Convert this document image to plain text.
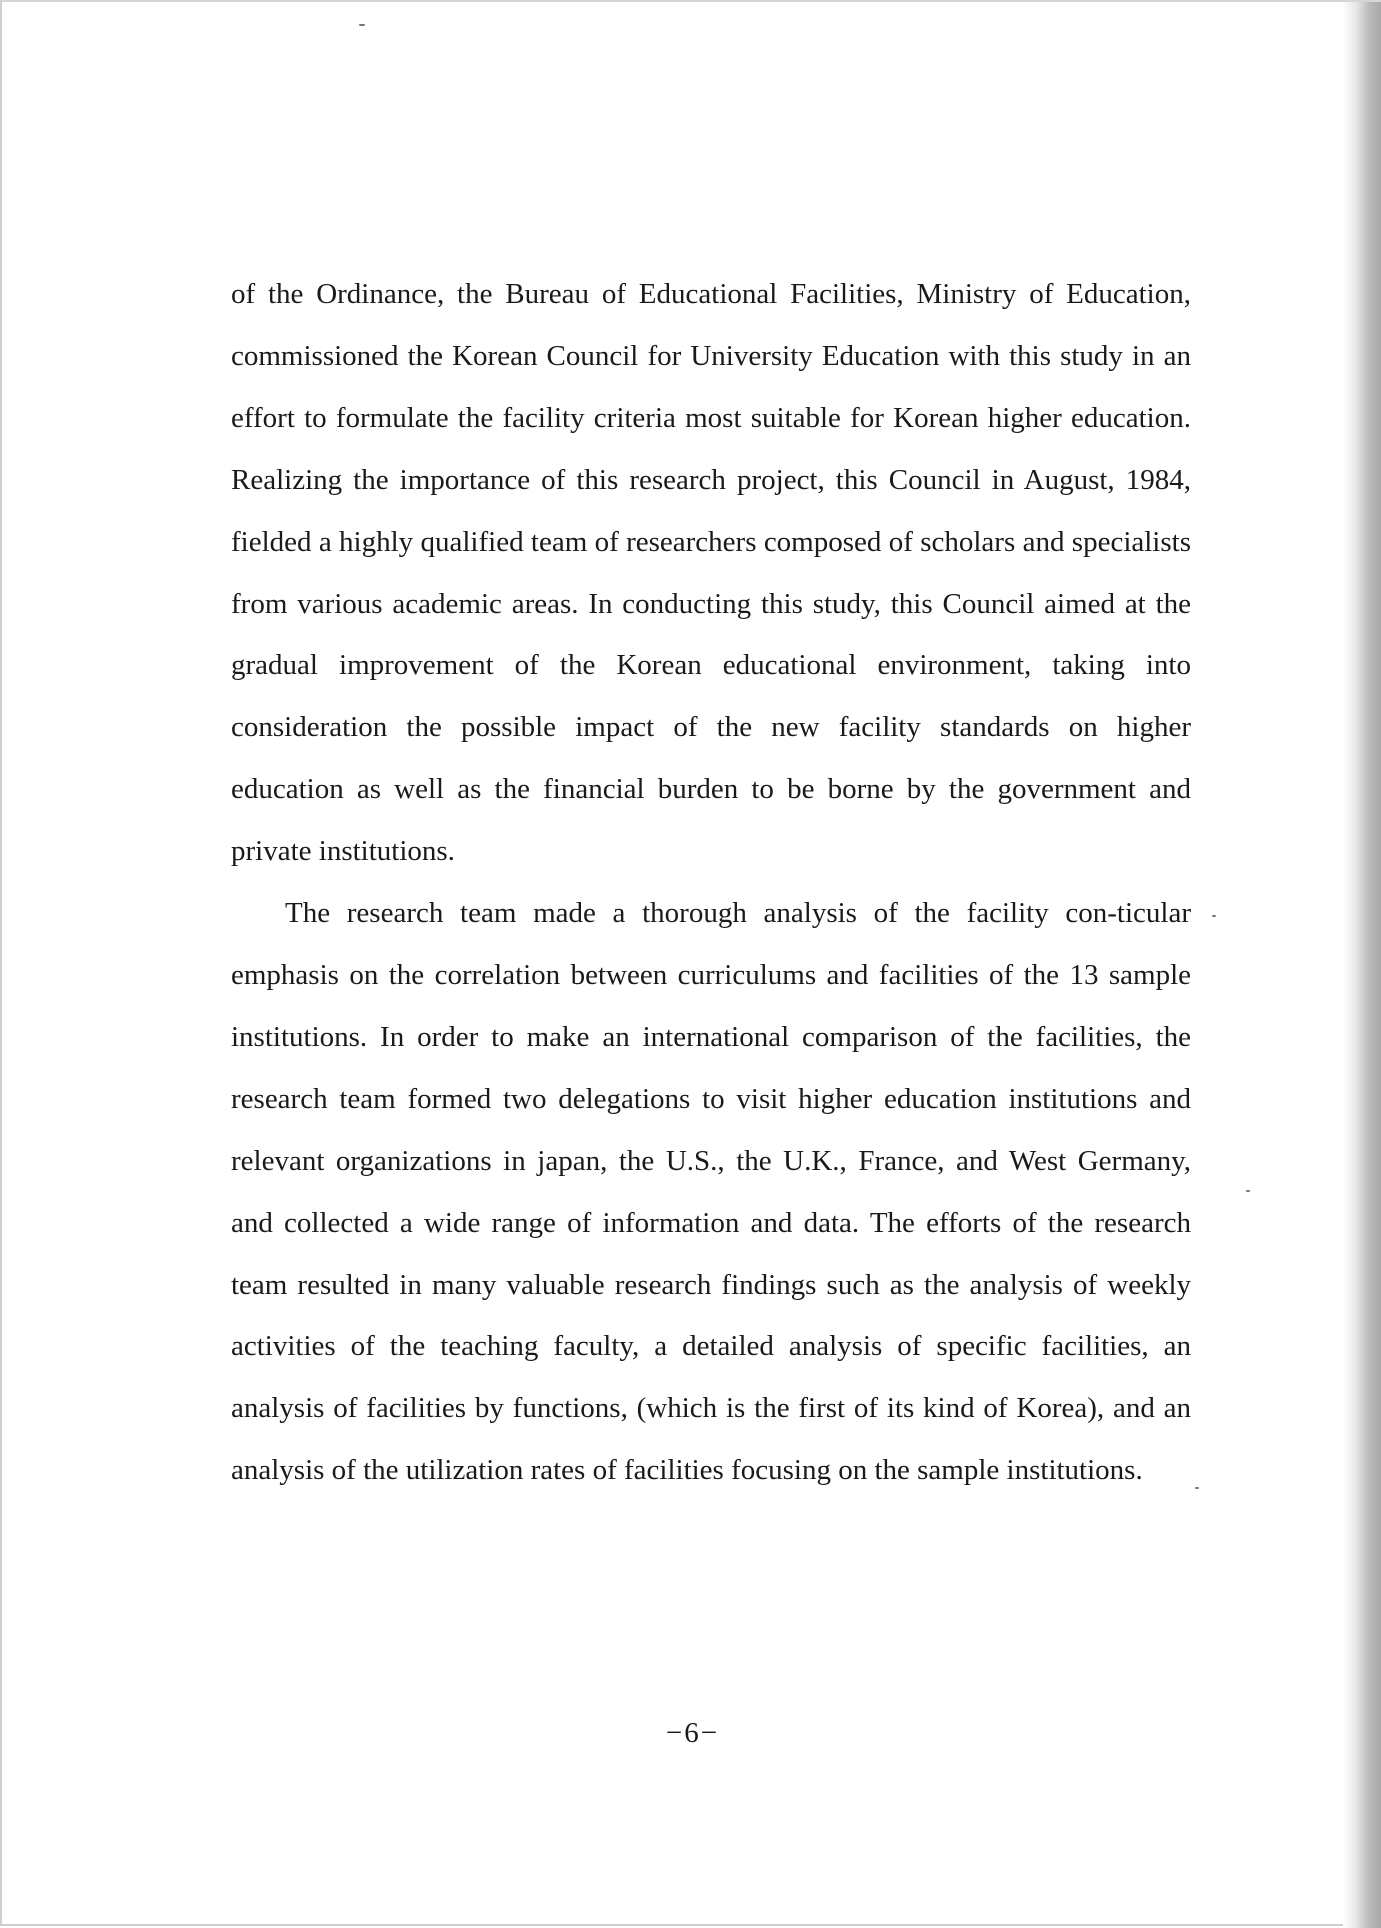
of the Ordinance, the Bureau of Educational Facilities, Ministry of Education, commissioned the Korean Council for University Education with this study in an effort to formulate the facility criteria most suitable for Korean higher education. Realizing the importance of this research project, this Council in August, 1984, fielded a highly qualified team of researchers composed of scholars and specialists from various academic areas. In conducting this study, this Council aimed at the gradual improvement of the Korean educational environment, taking into consideration the possible impact of the new facility standards on higher education as well as the financial burden to be borne by the government and private institutions.

The research team made a thorough analysis of the facility con-ticular emphasis on the correlation between curriculums and facilities of the 13 sample institutions. In order to make an international comparison of the facilities, the research team formed two delegations to visit higher education institutions and relevant organizations in japan, the U.S., the U.K., France, and West Germany, and collected a wide range of information and data. The efforts of the research team resulted in many valuable research findings such as the analysis of weekly activities of the teaching faculty, a detailed analysis of specific facilities, an analysis of facilities by functions, (which is the first of its kind of Korea), and an analysis of the utilization rates of facilities focusing on the sample institutions.

−6−
